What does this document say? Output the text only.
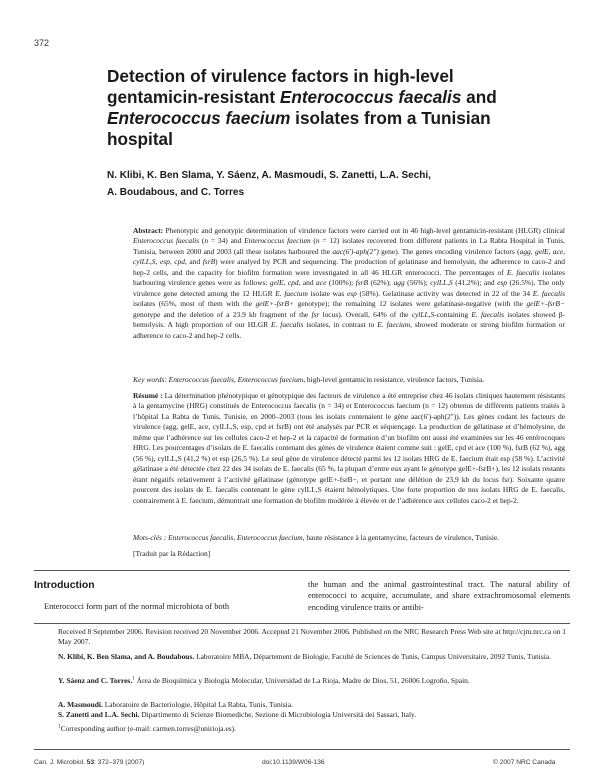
372
Detection of virulence factors in high-level gentamicin-resistant Enterococcus faecalis and Enterococcus faecium isolates from a Tunisian hospital
N. Klibi, K. Ben Slama, Y. Sáenz, A. Masmoudi, S. Zanetti, L.A. Sechi,
A. Boudabous, and C. Torres

Abstract: Phenotypic and genotypic determination of virulence factors were carried out in 46 high-level gentamicin-resistant (HLGR) clinical Enterococcus faecalis (n = 34) and Enterococcus faecium (n = 12) isolates recovered from different patients in La Rabta Hospital in Tunis, Tunisia, between 2000 and 2003 (all these isolates harboured the aac(6′)-aph(2″) gene). The genes encoding virulence factors (agg, gelE, ace, cylLL,S, esp, cpd, and fsrB) were analyed by PCR and sequencing. The production of gelatinase and hemolysin, the adherence to caco-2 and hep-2 cells, and the capacity for biofilm formation were investigated in all 46 HLGR enterococci. The percentages of E. faecalis isolates harbouring virulence genes were as follows: gelE, cpd, and ace (100%); fsrB (62%); agg (56%); cylLL,S (41.2%); and esp (26.5%). The only virulence gene detected among the 12 HLGR E. faecium isolate was esp (58%). Gelatinase activity was detected in 22 of the 34 E. faecalis isolates (65%, most of them with the gelE+-fsrB+ genotype); the remaining 12 isolates were gelatinase-negative (with the gelE+-fsrB− genotype and the deletion of a 23.9 kb fragment of the fsr locus). Overall, 64% of the cylLL,S-containing E. faecalis isolates showed β-hemolysis. A high proportion of our HLGR E. faecalis isolates, in contrast to E. faecium, showed moderate or strong biofilm formation or adherence to caco-2 and hep-2 cells.

Key words: Enterococcus faecalis, Enterococcus faecium, high-level gentamicin resistance, virulence factors, Tunisia.

Résumé : La détermination phénotypique et génotypique des facteurs de virulence a été entreprise chez 46 isolats cliniques hautement résistants à la gentamycine (HRG) constitués de Enterococcus faecalis (n = 34) et Enterococcus faecium (n = 12) obtenus de différents patients traités à l’hôpital La Rabta de Tunis, Tunisie, en 2000–2003 (tous les isolats contenaient le gène aac(6′)-aph(2″)). Les gènes codant les facteurs de virulence (agg, gelE, ace, cylLL,S, esp, cpd et fsrB) ont été analysés par PCR et séquençage. La production de gélatinase et d’hémolysine, de même que l’adhérence sur les cellules caco-2 et hep-2 et la capacité de formation d’un biofilm ont aussi été examinées sur les 46 entérocoques HRG. Les pourcentages d’isolats de E. faecalis contenant des gènes de virulence étaient comme suit : gelE, cpd et ace (100 %), fsrB (62 %), agg (56 %), cylLL,S (41,2 %) et esp (26,5 %). Le seul gène de virulence détecté parmi les 12 isolats HRG de E. faecium était esp (58 %). L’activité gélatinase a été détectée chez 22 des 34 isolats de E. faecalis (65 %, la plupart d’entre eux ayant le génotype gelE+-fsrB+), les 12 isolats restants étant négatifs relativement à l’activité gélatinase (génotype gelE+-fsrB−, et portant une délétion de 23,9 kb du locus fsr). Soixante quatre pourcent des isolats de E. faecalis contenant le gène cylLL,S étaient hémolytiques. Une forte proportion de nos isolats HRG de E. faecalis, contrairement à E. faecium, démontrait une formation de biofilm modérée à élevée et de l’adhérence aux cellules caco-2 et hep-2.

Mots-clés : Enterococcus faecalis, Enterococcus faecium, haute résistance à la gentamycine, facteurs de virulence, Tunisie.

[Traduit par la Rédaction]
Introduction

Enterococci form part of the normal microbiota of both

the human and the animal gastrointestinal tract. The natural ability of enterococci to acquire, accumulate, and share extrachromosomal elements encoding virulence traits or antibi-

Received 8 September 2006. Revision received 20 November 2006. Accepted 21 November 2006. Published on the NRC Research Press Web site at http://cjm.nrc.ca on 1 May 2007.

N. Klibi, K. Ben Slama, and A. Boudabous. Laboratoire MBA, Département de Biologie, Faculté de Sciences de Tunis, Campus Universitaire, 2092 Tunis, Tunisia.

Y. Sáenz and C. Torres.$^1$ Área de Bioquímica y Biología Molecular, Universidad de La Rioja, Madre de Dios, 51, 26006 Logroño, Spain.

A. Masmoudi. Laboratoire de Bacteriologie, Hôpital La Rabta, Tunis, Tunisia.

S. Zanetti and L.A. Sechi. Dipartimento di Scienze Biomediche, Sezione di Microbiologia Università dei Sassari, Italy.

$^1$Corresponding author (e-mail: carmen.torres@unirioja.es).

Can. J. Microbiol. 53: 372–379 (2007)	doi:10.1139/W06-136	© 2007 NRC Canada
